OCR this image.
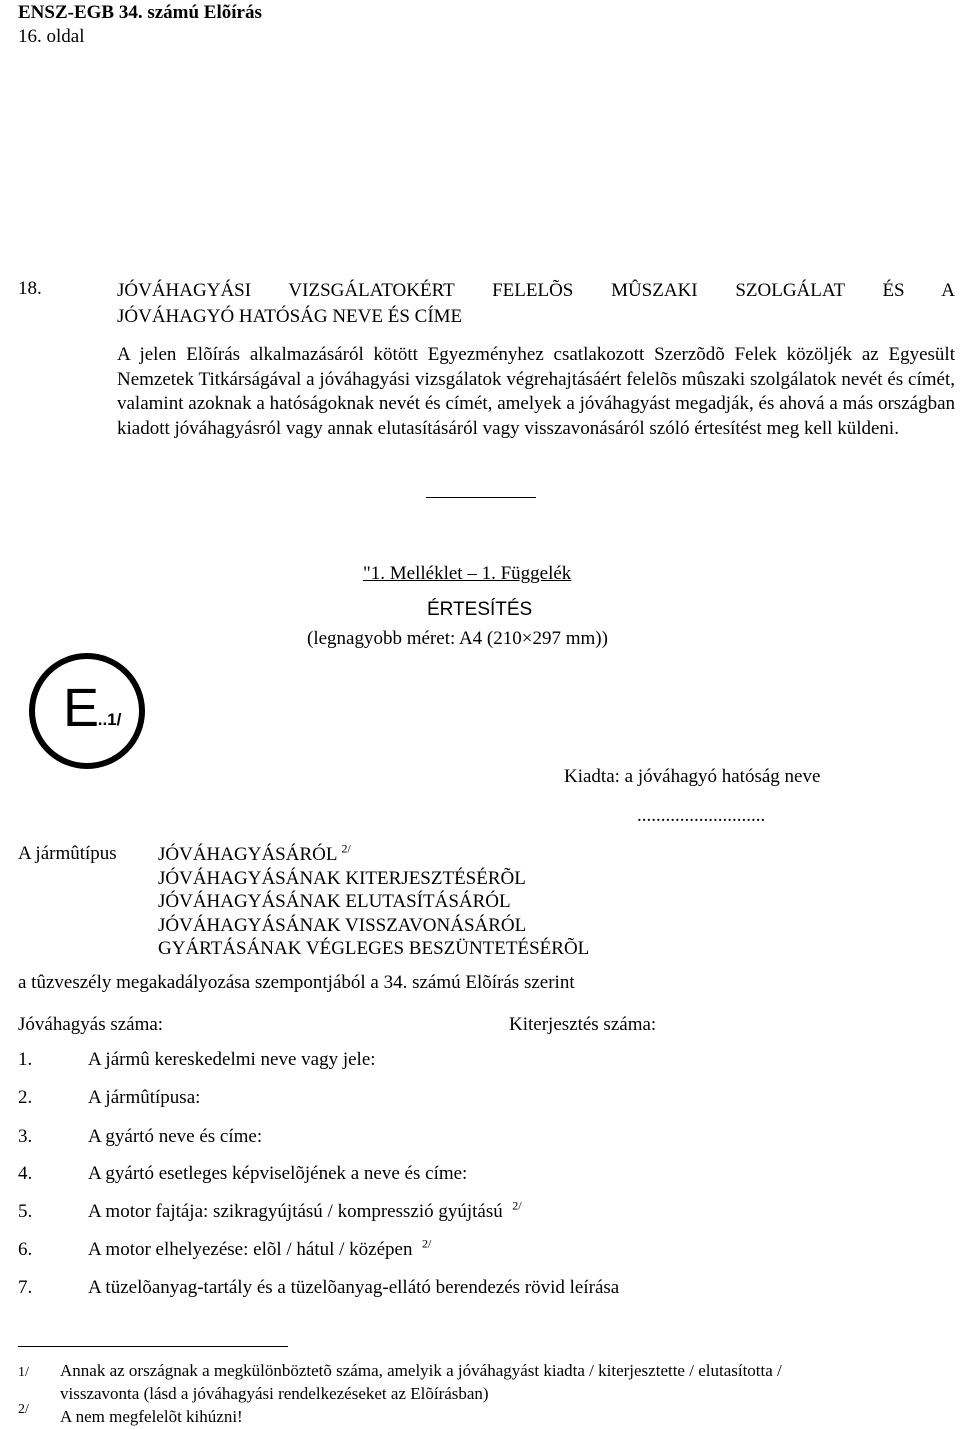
ENSZ-EGB 34. számú Elõírás
16. oldal
18.	JÓVÁHAGYÁSI VIZSGÁLATOKÉRT FELELÕS MÛSZAKI SZOLGÁLAT ÉS A
JÓVÁHAGYÓ HATÓSÁG NEVE ÉS CÍME
A jelen Elõírás alkalmazásáról kötött Egyezményhez csatlakozott Szerzõdõ Felek közöljék az Egyesült Nemzetek Titkárságával a jóváhagyási vizsgálatok végrehajtásáért felelõs mûszaki szolgálatok nevét és címét, valamint azoknak a hatóságoknak nevét és címét, amelyek a jóváhagyást megadják, és ahová a más országban kiadott jóváhagyásról vagy annak elutasításáról vagy visszavonásáról szóló értesítést meg kell küldeni.
"1. Melléklet – 1. Függelék
ÉRTESÍTÉS
(legnagyobb méret: A4 (210×297 mm))
E
...1/
Kiadta: a jóváhagyó hatóság neve
...........................
A jármûtípus JÓVÁHAGYÁSÁRÓL $^{2/}$
JÓVÁHAGYÁSÁNAK KITERJESZTÉSÉRÕL
JÓVÁHAGYÁSÁNAK ELUTASÍTÁSÁRÓL
JÓVÁHAGYÁSÁNAK VISSZAVONÁSÁRÓL
GYÁRTÁSÁNAK VÉGLEGES BESZÜNTETÉSÉRÕL
a tûzveszély megakadályozása szempontjából a 34. számú Elõírás szerint
Jóváhagyás száma:	Kiterjesztés száma:
1.	A jármû kereskedelmi neve vagy jele:
2.	A jármûtípusa:
3.	A gyártó neve és címe:
4.	A gyártó esetleges képviselõjének a neve és címe:
5.	A motor fajtája: szikragyújtású / kompresszió gyújtású $^{2/}$
6.	A motor elhelyezése: elõl / hátul / középen $^{2/}$
7.	A tüzelõanyag-tartály és a tüzelõanyag-ellátó berendezés rövid leírása
1/ Annak az országnak a megkülönböztetõ száma, amelyik a jóváhagyást kiadta / kiterjesztette / elutasította /
visszavonta (lásd a jóváhagyási rendelkezéseket az Elõírásban)
2/ A nem megfelelõt kihúzni!
